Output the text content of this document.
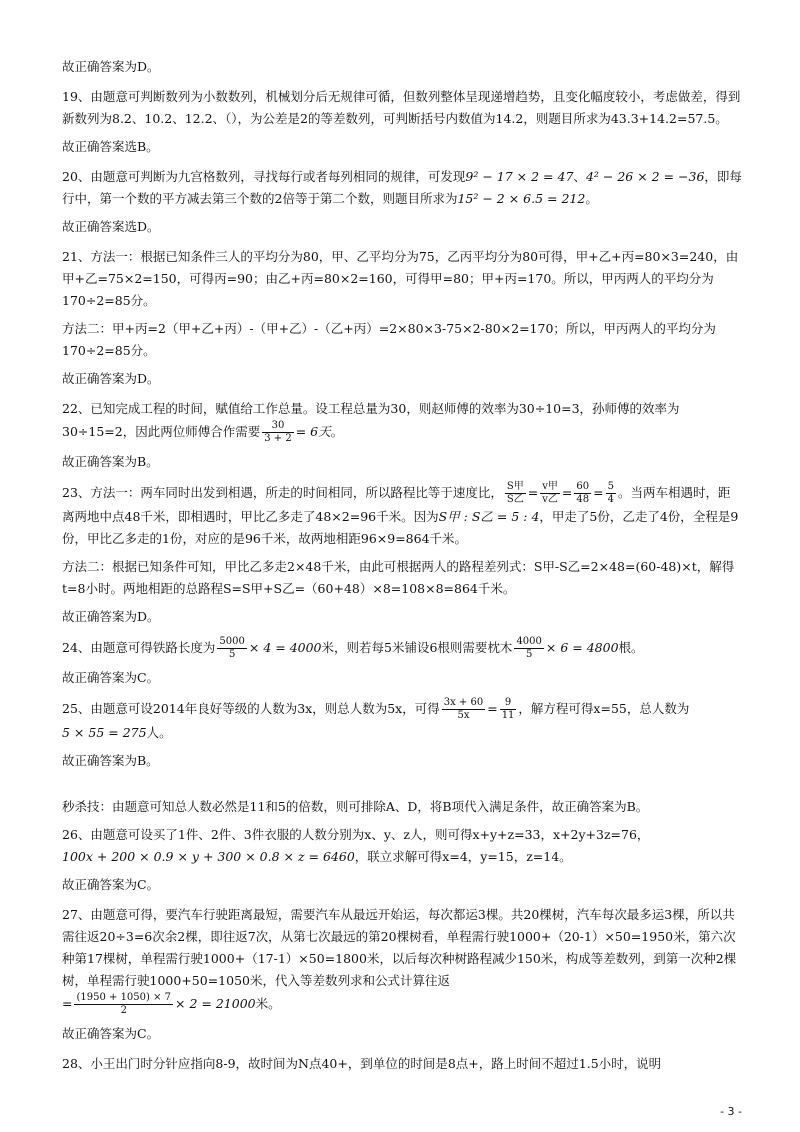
故正确答案为D。

19、由题意可判断数列为小数数列，机械划分后无规律可循，但数列整体呈现递增趋势，且变化幅度较小，考虑做差，得到新数列为8.2、10.2、12.2、（），为公差是2的等差数列，可判断括号内数值为14.2，则题目所求为43.3+14.2=57.5。

故正确答案选B。

20、由题意可判断为九宫格数列，寻找每行或者每列相同的规律，可发现9² − 17 × 2 = 47、4² − 26 × 2 = −36，即每行中，第一个数的平方减去第三个数的2倍等于第二个数，则题目所求为15² − 2 × 6.5 = 212。

故正确答案选D。

21、方法一：根据已知条件三人的平均分为80，甲、乙平均分为75，乙丙平均分为80可得，甲+乙+丙=80×3=240，由甲+乙=75×2=150，可得丙=90；由乙+丙=80×2=160，可得甲=80；甲+丙=170。所以，甲丙两人的平均分为170÷2=85分。

方法二：甲+丙=2（甲+乙+丙）-（甲+乙）-（乙+丙）=2×80×3-75×2-80×2=170；所以，甲丙两人的平均分为170÷2=85分。

故正确答案为D。

22、已知完成工程的时间，赋值给工作总量。设工程总量为30，则赵师傅的效率为30÷10=3，孙师傅的效率为30÷15=2，因此两位师傅合作需要 $\frac{30}{3 + 2} = 6$天。

故正确答案为B。

23、方法一：两车同时出发到相遇，所走的时间相同，所以路程比等于速度比， $\frac{\text{S甲}}{\text{S乙}} = \frac{\text{v甲}}{\text{v乙}} = \frac{60}{48} = \frac{5}{4}$ 。当两车相遇时，距离两地中点48千米，即相遇时，甲比乙多走了48×2=96千米。因为S甲 : S乙 = 5 : 4，甲走了5份，乙走了4份，全程是9份，甲比乙多走的1份，对应的是96千米，故两地相距96×9=864千米。

方法二：根据已知条件可知，甲比乙多走2×48千米，由此可根据两人的路程差列式：S甲-S乙=2×48=(60-48)×t，解得t=8小时。两地相距的总路程S=S甲+S乙=（60+48）×8=108×8=864千米。

故正确答案为D。

24、由题意可得铁路长度为 $\frac{5000}{5} \times 4 = 4000$米，则若每5米铺设6根则需要枕木 $\frac{4000}{5} \times 6 = 4800$根。

故正确答案为C。

25、由题意可设2014年良好等级的人数为3x，则总人数为5x，可得 $\frac{3x + 60}{5x} = \frac{9}{11}$ ，解方程可得x=55，总人数为5 × 55 = 275人。

故正确答案为B。

秒杀技：由题意可知总人数必然是11和5的倍数，则可排除A、D，将B项代入满足条件，故正确答案为B。

26、由题意可设买了1件、2件、3件衣服的人数分别为x、y、z人，则可得x+y+z=33，x+2y+3z=76，100x + 200 × 0.9 × y + 300 × 0.8 × z = 6460，联立求解可得x=4，y=15，z=14。

故正确答案为C。

27、由题意可得，要汽车行驶距离最短，需要汽车从最远开始运，每次都运3棵。共20棵树，汽车每次最多运3棵，所以共需往返20÷3=6次余2棵，即往返7次，从第七次最远的第20棵树看，单程需行驶1000+（20-1）×50=1950米，第六次种第17棵树，单程需行驶1000+（17-1）×50=1800米，以后每次种树路程减少150米，构成等差数列，到第一次种2棵树，单程需行驶1000+50=1050米，代入等差数列求和公式计算往返
= $\frac{(1950 + 1050) \times 7}{2} \times 2 = 21000$米。

故正确答案为C。

28、小王出门时分针应指向8-9，故时间为N点40+，到单位的时间是8点+，路上时间不超过1.5小时，说明

- 3 -
